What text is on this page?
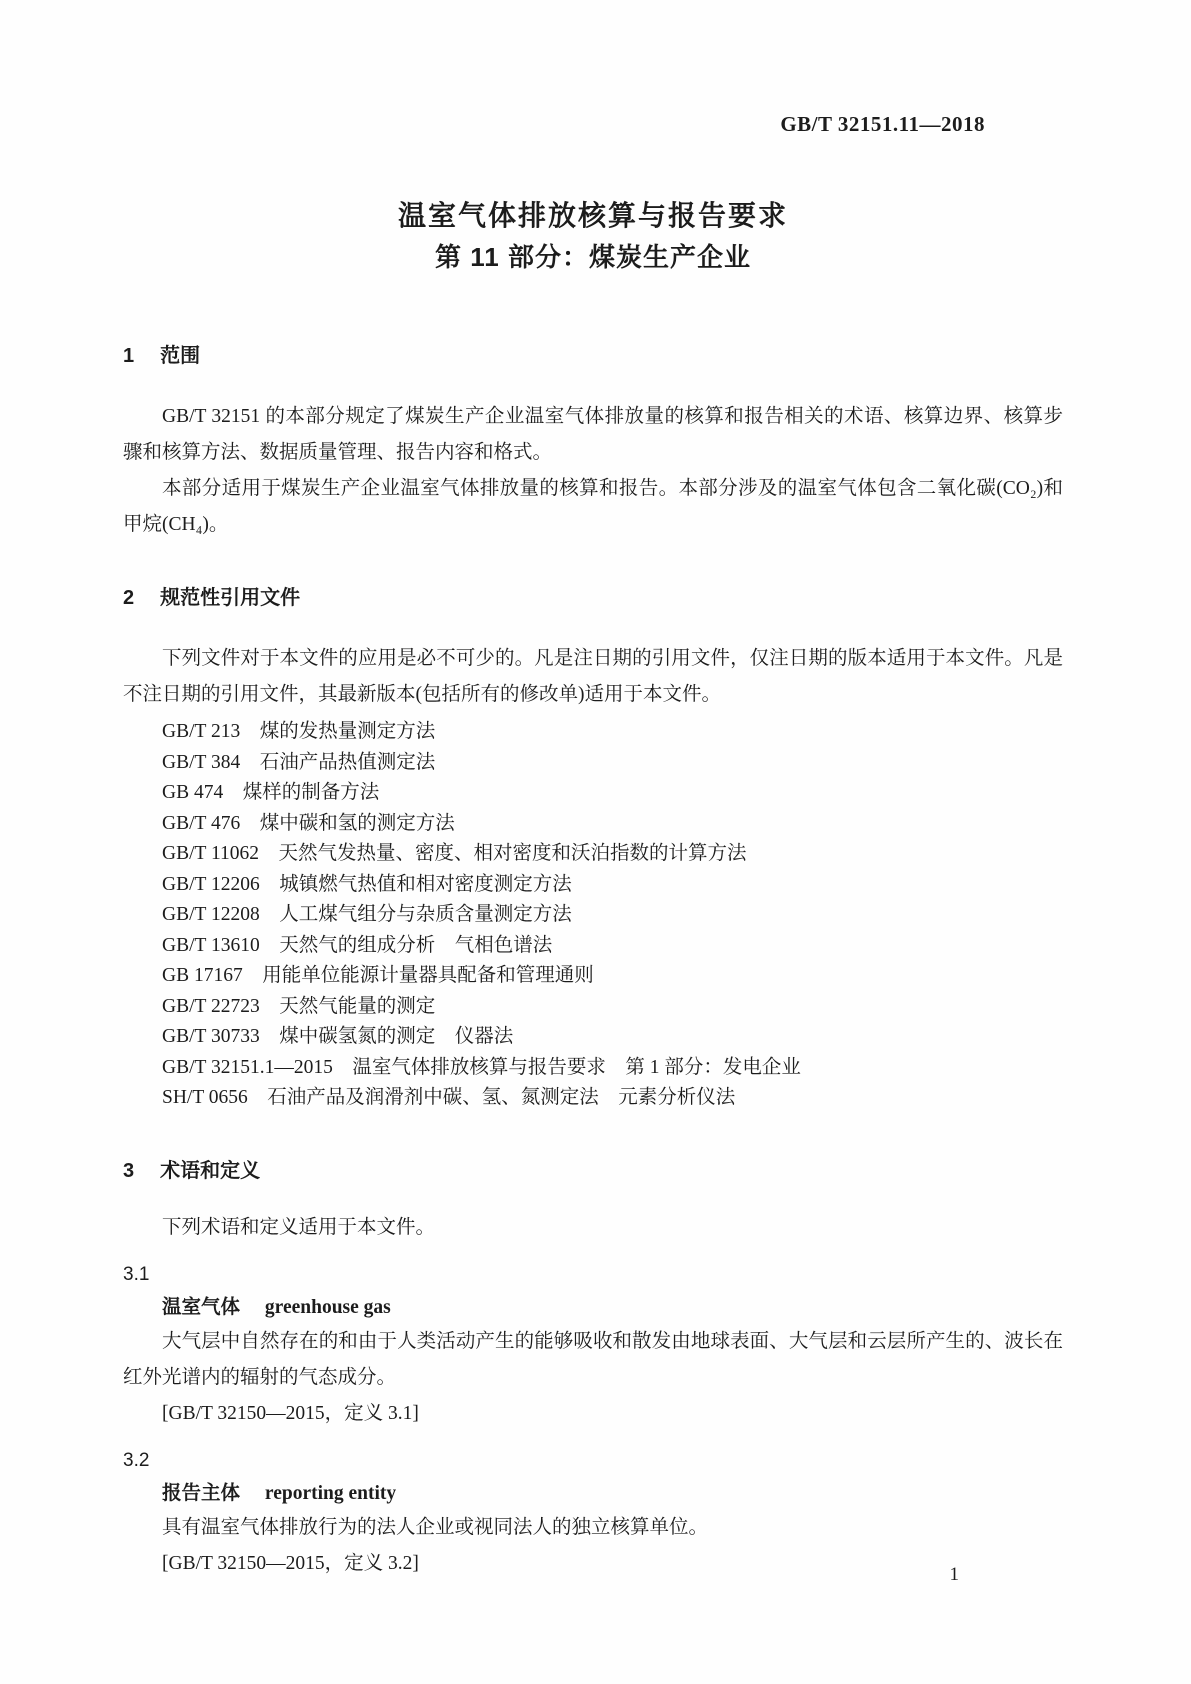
GB/T 32151.11—2018
温室气体排放核算与报告要求
第 11 部分：煤炭生产企业
1 范围

GB/T 32151 的本部分规定了煤炭生产企业温室气体排放量的核算和报告相关的术语、核算边界、核算步骤和核算方法、数据质量管理、报告内容和格式。

本部分适用于煤炭生产企业温室气体排放量的核算和报告。本部分涉及的温室气体包含二氧化碳(CO₂)和甲烷(CH₄)。

2 规范性引用文件

下列文件对于本文件的应用是必不可少的。凡是注日期的引用文件，仅注日期的版本适用于本文件。凡是不注日期的引用文件，其最新版本(包括所有的修改单)适用于本文件。

GB/T 213　煤的发热量测定方法

GB/T 384　石油产品热值测定法

GB 474　煤样的制备方法

GB/T 476　煤中碳和氢的测定方法

GB/T 11062　天然气发热量、密度、相对密度和沃泊指数的计算方法

GB/T 12206　城镇燃气热值和相对密度测定方法

GB/T 12208　人工煤气组分与杂质含量测定方法

GB/T 13610　天然气的组成分析　气相色谱法

GB 17167　用能单位能源计量器具配备和管理通则

GB/T 22723　天然气能量的测定

GB/T 30733　煤中碳氢氮的测定　仪器法

GB/T 32151.1—2015　温室气体排放核算与报告要求　第 1 部分：发电企业

SH/T 0656　石油产品及润滑剂中碳、氢、氮测定法　元素分析仪法

3 术语和定义

下列术语和定义适用于本文件。

3.1

温室气体 greenhouse gas

大气层中自然存在的和由于人类活动产生的能够吸收和散发由地球表面、大气层和云层所产生的、波长在红外光谱内的辐射的气态成分。

[GB/T 32150—2015，定义 3.1]

3.2

报告主体 reporting entity

具有温室气体排放行为的法人企业或视同法人的独立核算单位。

[GB/T 32150—2015，定义 3.2]

1
